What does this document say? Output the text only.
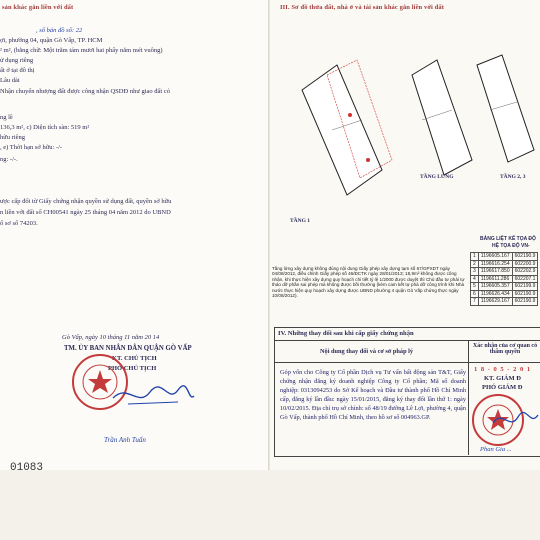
sản khác gắn liền với đất
, số bản đồ số: 22
ợi, phường 04, quận Gò Vấp, TP. HCM
² m², (bằng chữ: Một trăm tám mươi hai phẩy năm mét vuông)
ử dụng riêng
ất ở tại đô thị
Lâu dài
Nhận chuyển nhượng đất được công nhận QSDĐ như giao đất có
ng lề
136,3 m², c) Diện tích sàn: 519 m²
hữu riêng
, e) Thời hạn sở hữu: -/-
ng: -/-.
ược cấp đổi từ Giấy chứng nhận quyền sử dụng đất, quyền sở hữu
n liền với đất số CH00541 ngày 25 tháng 04 năm 2012 do UBND
ố sơ số 74203.
Gò Vấp, ngày 10 tháng 11 năm 20 14
TM. ỦY BAN NHÂN DÂN QUẬN GÒ VẤP
KT. CHỦ TỊCH
PHÓ CHỦ TỊCH
Trần Anh Tuấn
III. Sơ đồ thửa đất, nhà ở và tài sản khác gắn liền với đất
TẦNG 1
TẦNG LỬNG	TẦNG 2, 3
BẢNG LIỆT KÊ TỌA ĐỘ
HỆ TỌA ĐỘ VN-
1	1196605.167	602190.9
2	1196616.254	602200.9
3	1196617.850	602202.9
4	1196611.286	602207.1
5	1196605.357	602199.9
6	1196626.434	602190.9
7	1196629.167	602190.9
Tầng lửng xây dựng không đúng nội dung Giấy phép xây dựng tạm số 67/GPXDT ngày 04/08/2012, điều chỉnh Giấy phép số 46/ĐCTK ngày 28/01/2013; 18,9m² không được công nhận, khi thực hiện xây dựng quy hoạch chi tiết tỷ lệ 1/2000 được duyệt thì Chủ đầu tư phải tự tháo dỡ phần sai phép mà không được bồi thường (kèm cam kết tự phá dỡ công trình khi Nhà nước thực hiện quy hoạch xây dựng được UBND phường 4 quận Gò Vấp chứng thực ngày 10/08/2012).
IV. Những thay đổi sau khi cấp giấy chứng nhận
Nội dung thay đổi và cơ sở pháp lý
Xác nhận của cơ quan có thẩm quyền
Góp vốn cho Công ty Cổ phần Dịch vụ Tư vấn bất động sản T&T, Giấy chứng nhận đăng ký doanh nghiệp Công ty Cổ phần; Mã số doanh nghiệp: 0313094253 do Sở Kế hoạch và Đầu tư thành phố Hồ Chí Minh cấp, đăng ký lần đầu: ngày 15/01/2015, đăng ký thay đổi lần thứ 1: ngày 10/02/2015. Địa chỉ trụ sở chính: số 48/19 đường Lê Lợi, phường 4, quận Gò Vấp, thành phố Hồ Chí Minh, theo hồ sơ số 004963.GP.
1 8 - 0 5 - 2 0 1
KT. GIÁM Đ
PHÓ GIÁM Đ
Phan Gia ...
01083
